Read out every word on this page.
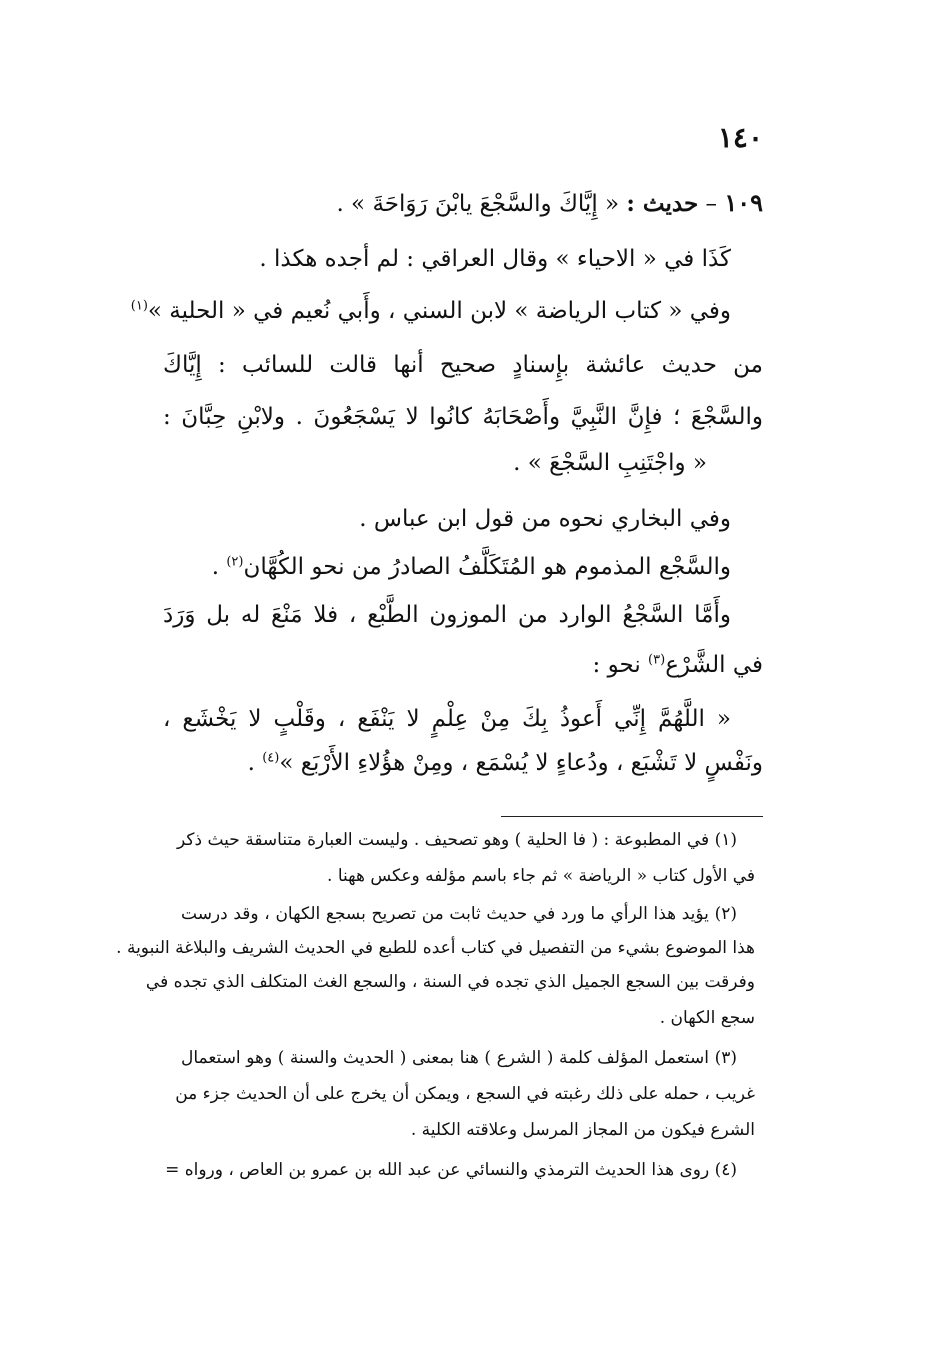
١٤٠
١٠٩ – حديث : « إِيَّاكَ والسَّجْعَ يابْنَ رَوَاحَةَ » .
كَذَا في « الاحياء » وقال العراقي : لم أجده هكذا .
وفي « كتاب الرياضة » لابن السني ، وأَبي نُعيم في « الحلية »$^{(١)}$
من حديث عائشة بإِسنادٍ صحيح أنها قالت للسائب : إِيَّاكَ
والسَّجْعَ ؛ فإِنَّ النَّبِيَّ وأَصْحَابَهُ كانُوا لا يَسْجَعُونَ . ولابْنِ حِبَّانَ :
« واجْتَنِبِ السَّجْعَ » .
وفي البخاري نحوه من قول ابن عباس .
والسَّجْع المذموم هو المُتَكَلَّفُ الصادرُ من نحو الكُهَّان$^{(٢)}$ .
وأَمَّا السَّجْعُ الوارد من الموزون الطَّبْع ، فلا مَنْعَ له بل وَرَدَ
في الشَّرْع$^{(٣)}$ نحو :
« اللَّهُمَّ إِنِّي أَعوذُ بِكَ مِنْ عِلْمٍ لا يَنْفَع ، وقَلْبٍ لا يَخْشَع ،
ونَفْسٍ لا تَشْبَع ، ودُعاءٍ لا يُسْمَع ، ومِنْ هؤُلاءِ الأَرْبَع »$^{(٤)}$ .
(١) في المطبوعة : ( فا الحلية ) وهو تصحيف . وليست العبارة متناسقة حيث ذكر
في الأول كتاب « الرياضة » ثم جاء باسم مؤلفه وعكس ههنا .
(٢) يؤيد هذا الرأي ما ورد في حديث ثابت من تصريح بسجع الكهان ، وقد درست
هذا الموضوع بشيء من التفصيل في كتاب أعده للطبع في الحديث الشريف والبلاغة النبوية .
وفرقت بين السجع الجميل الذي تجده في السنة ، والسجع الغث المتكلف الذي تجده في
سجع الكهان .
(٣) استعمل المؤلف كلمة ( الشرع ) هنا بمعنى ( الحديث والسنة ) وهو استعمال
غريب ، حمله على ذلك رغبته في السجع ، ويمكن أن يخرج على أن الحديث جزء من
الشرع فيكون من المجاز المرسل وعلاقته الكلية .
(٤) روى هذا الحديث الترمذي والنسائي عن عبد الله بن عمرو بن العاص ، ورواه =
